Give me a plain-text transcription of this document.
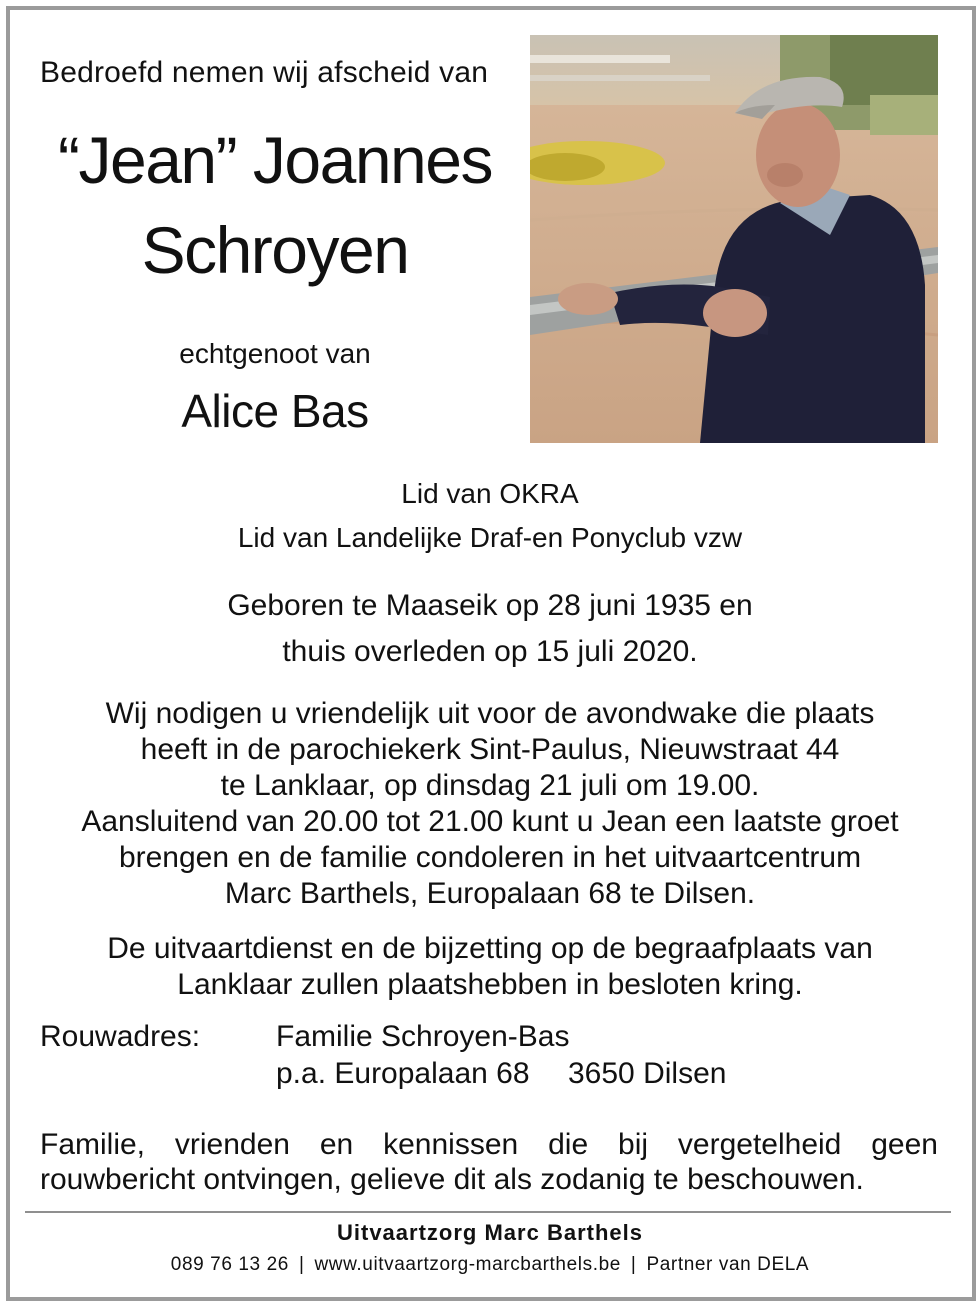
Bedroefd nemen wij afscheid van
“Jean” Joannes
Schroyen
echtgenoot van
Alice Bas
Lid van OKRA
Lid van Landelijke Draf-en Ponyclub vzw
Geboren te Maaseik op 28 juni 1935 en
thuis overleden op 15 juli 2020.
Wij nodigen u vriendelijk uit voor de avondwake die plaats
heeft in de parochiekerk Sint-Paulus, Nieuwstraat 44
te Lanklaar, op dinsdag 21 juli om 19.00.
Aansluitend van 20.00 tot 21.00 kunt u Jean een laatste groet
brengen en de familie condoleren in het uitvaartcentrum
Marc Barthels, Europalaan 68 te Dilsen.
De uitvaartdienst en de bijzetting op de begraafplaats van
Lanklaar zullen plaatshebben in besloten kring.
Rouwadres:	Familie Schroyen-Bas
p.a. Europalaan 68 3650 Dilsen
Familie, vrienden en kennissen die bij vergetelheid geen
rouwbericht ontvingen, gelieve dit als zodanig te beschouwen.
Uitvaartzorg Marc Barthels
089 76 13 26 | www.uitvaartzorg-marcbarthels.be | Partner van DELA
